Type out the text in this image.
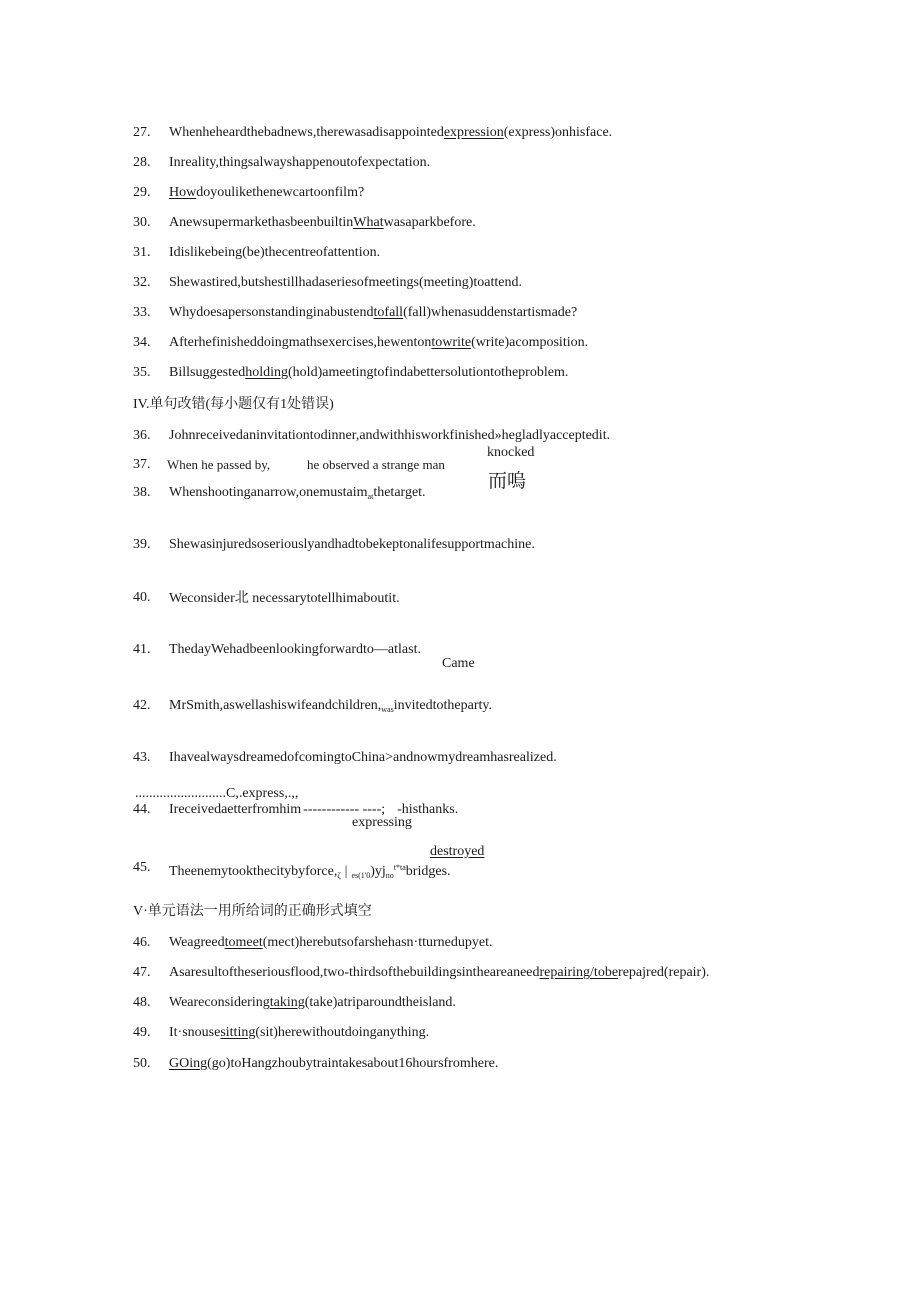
27. Whenheheardthebadnews,therewasadisappointedexpression(express)onhisface.
28. Inreality,thingsalwayshappenoutofexpectation.
29. Howdoyoulikethenewcartoonfilm?
30. AnewsupermarkethasbeenbuiltinWhatwasaparkbefore.
31. Idislikebeing(be)thecentreofattention.
32. Shewastired,butshestillhadaseriesofmeetings(meeting)toattend.
33. Whydoesapersonstandinginabustendtofall(fall)whenasuddenstartismade?
34. Afterhefinisheddoingmathsexercises,hewentontowrite(write)acomposition.
35. Billsuggestedholding(hold)ameetingtofindabettersolutiontotheproblem.
IV.单句改错(每小题仅有1处错误)
36. Johnreceivedaninvitationtodinner,andwithhisworkfinished»hegladlyacceptedit.
37. When he passed by,	he observed a strange man
knocked
而嗚
38. Whenshootinganarrow,onemustaim$_{at}$thetarget.
39. Shewasinjuredsoseriouslyandhadtobekeptonalifesupportmachine.
40. Weconsider北 necessarytotellhimaboutit.
41. ThedayWehadbeenlookingforwardto—atlast.
Came
42. $MrSmith,aswellashiswifeandchildren,_{was}invitedtotheparty$.
43. IhavealwaysdreamedofcomingtoChina>andnowmydreamhasrealized.
..........................C,.express,.,,
44. Ireceivedaetterfromhim ------------ ----; -histhanks.
expressing
destroyed
45. $Theenemytookthecitybyforce,_\zeta$ | $_{es(1'0})yj_{no}^{t*ta}bridges$.
V·单元语法一用所给词的正确形式填空
46. Weagreedtomeet(mect)herebutsofarshehasn·tturnedupyet.
47. Asaresultoftheseriousflood,two-thirdsofthebuildingsintheareaneedrepairing/toberepajred(repair).
48. Weareconsideringtaking(take)atriparoundtheisland.
49. It·snousesitting(sit)herewithoutdoinganything.
50. GOing(go)toHangzhoubytraintakesabout16hoursfromhere.
